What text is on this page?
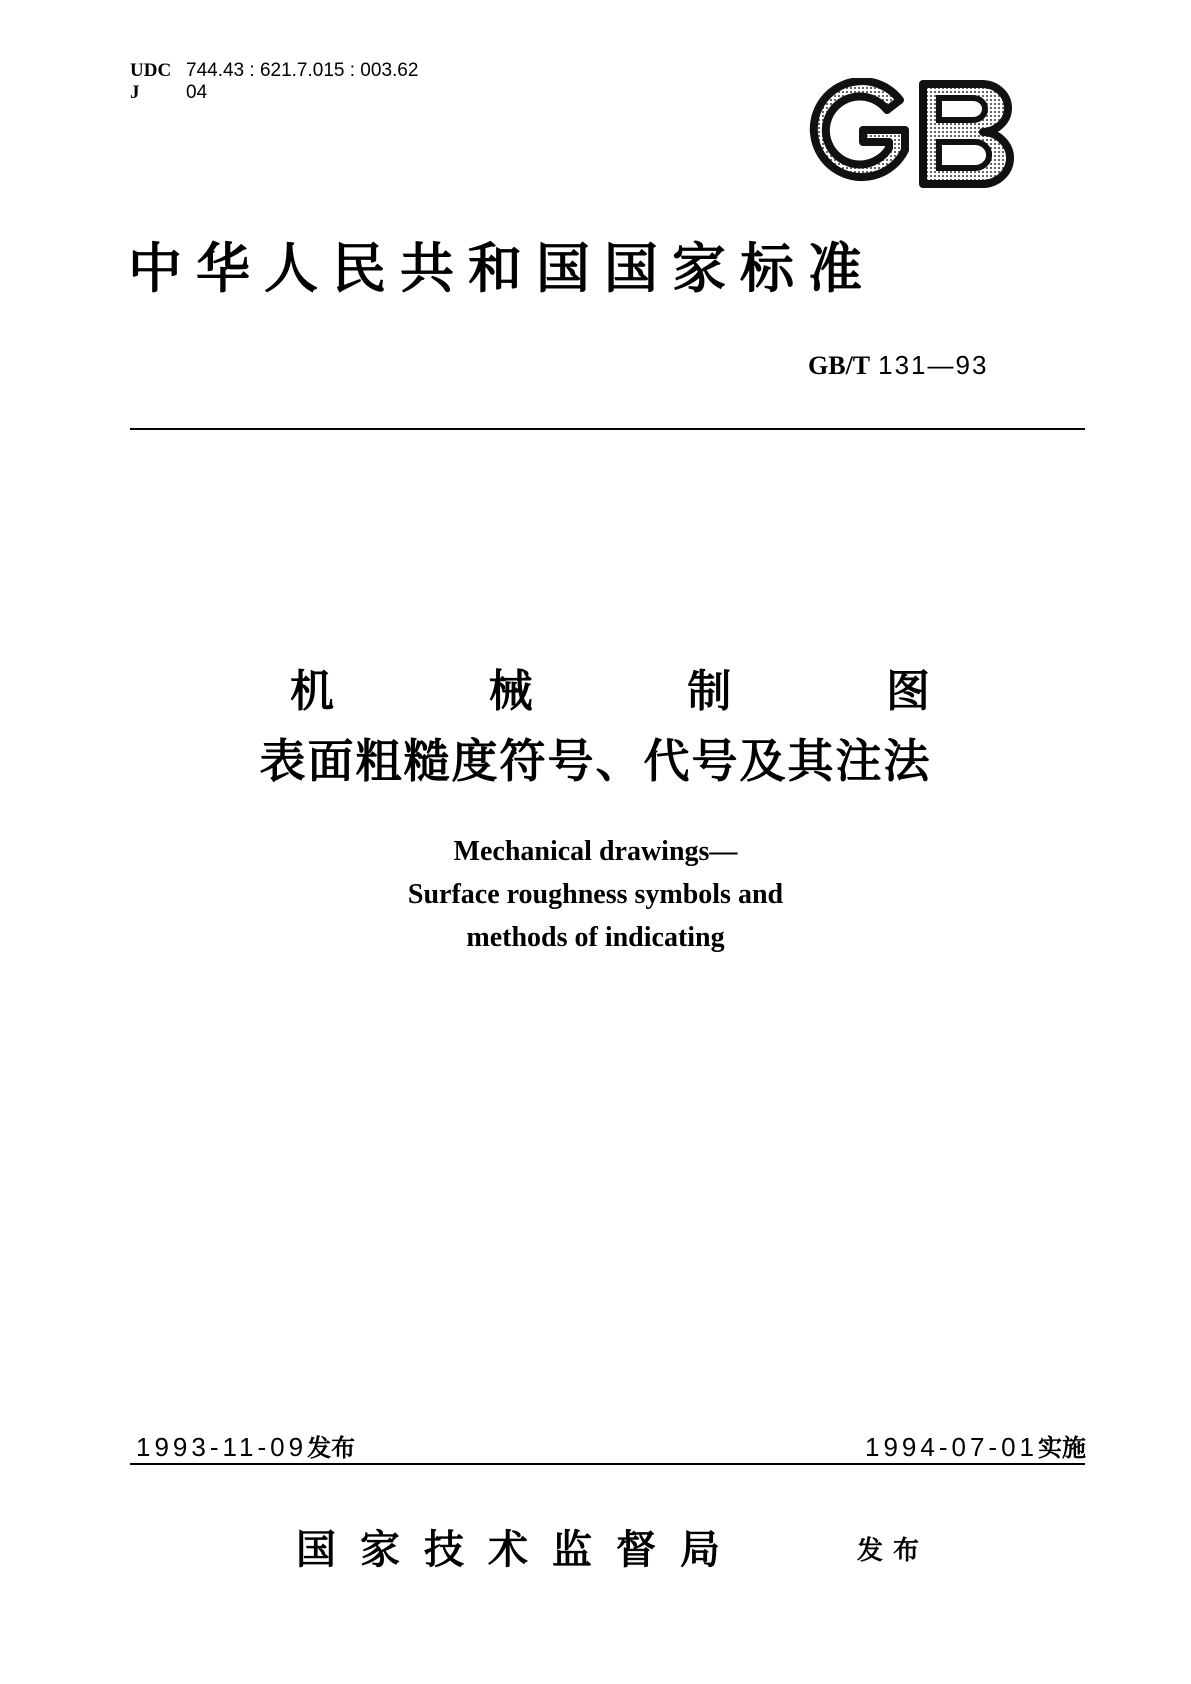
UDC 744.43 : 621.7.015 : 003.62
J 04
中华人民共和国国家标准
GB/T 131—93
机	械	制	图
表面粗糙度符号、代号及其注法
Mechanical drawings—
Surface roughness symbols and
methods of indicating
1993-11-09发布	1994-07-01实施
国家技术监督局	发布
